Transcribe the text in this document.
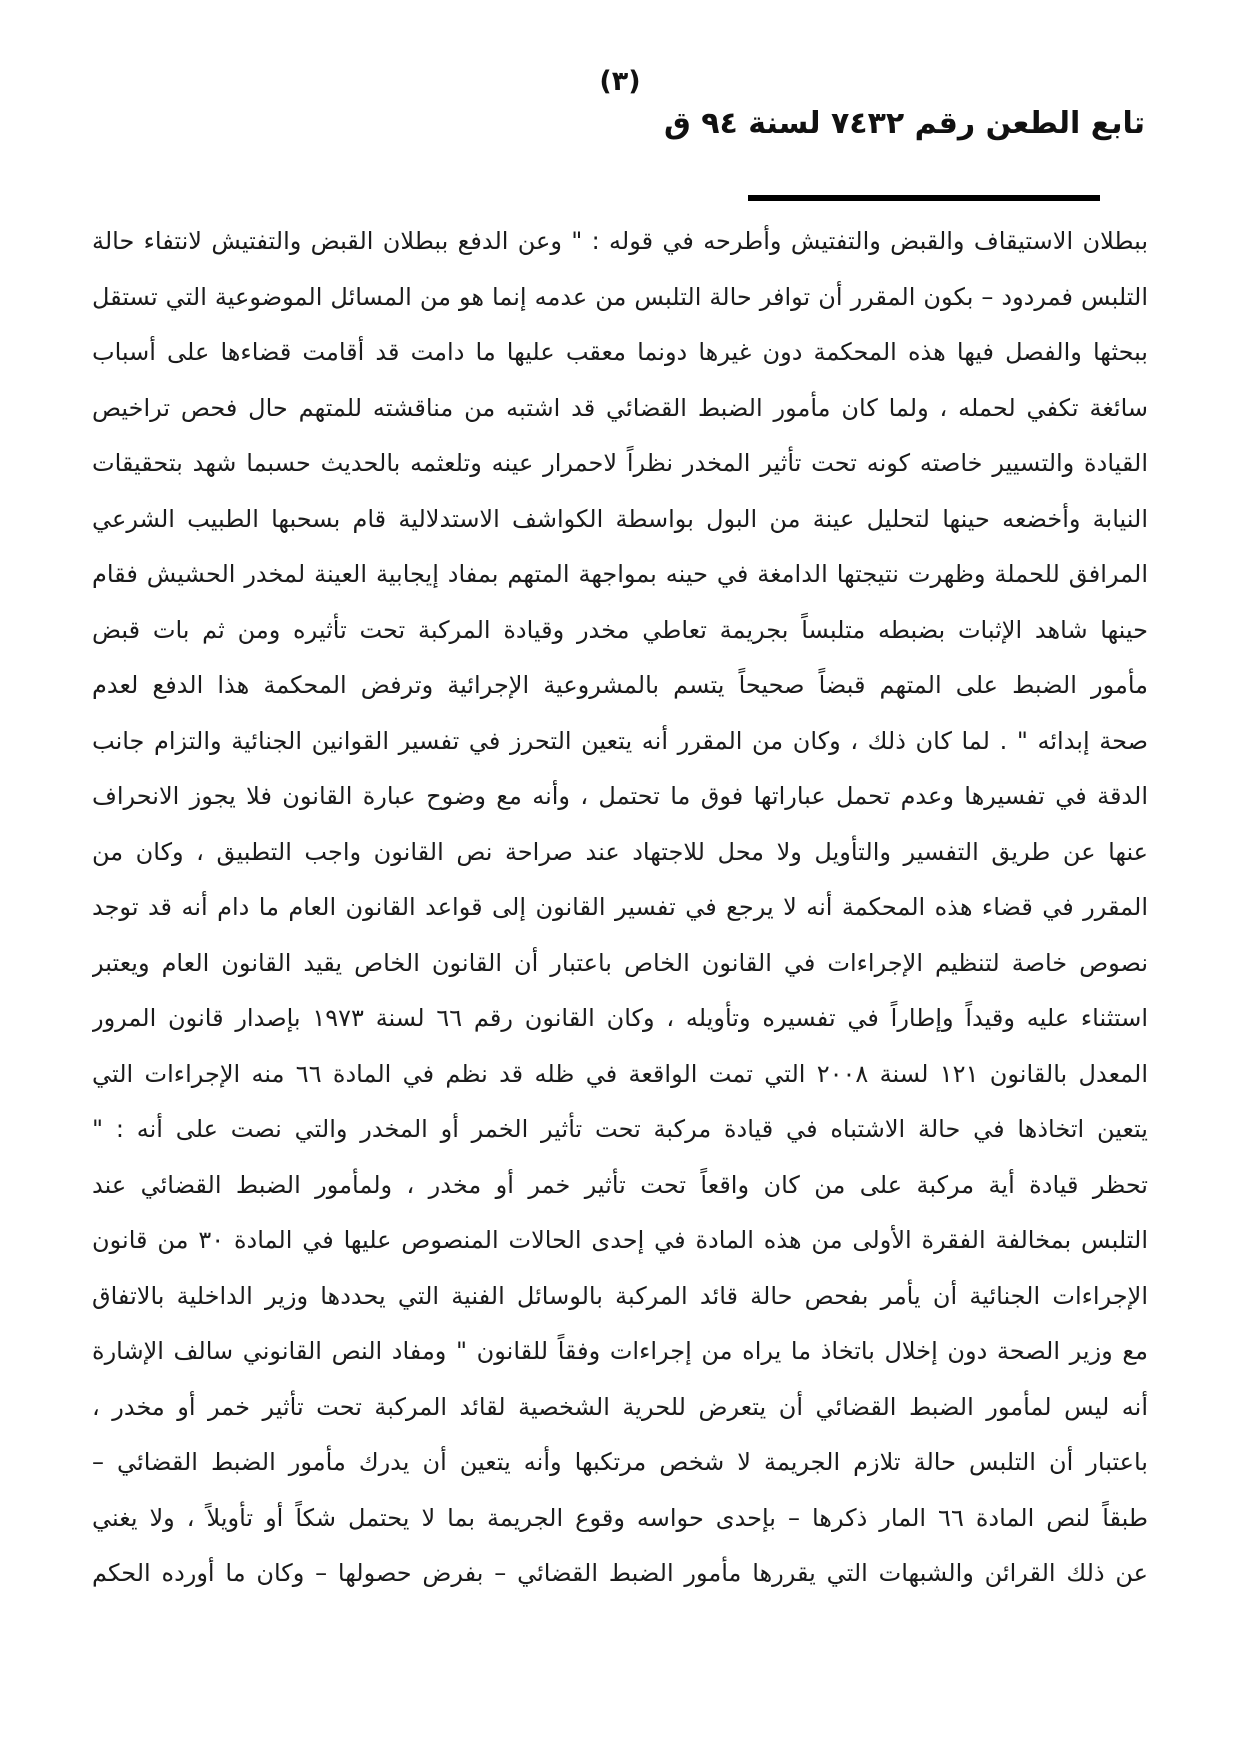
(٣)
تابع الطعن رقم ٧٤٣٢ لسنة ٩٤ ق
ببطلان الاستيقاف والقبض والتفتيش وأطرحه في قوله : " وعن الدفع ببطلان القبض والتفتيش لانتفاء حالة
التلبس فمردود – بكون المقرر أن توافر حالة التلبس من عدمه إنما هو من المسائل الموضوعية التي تستقل
ببحثها والفصل فيها هذه المحكمة دون غيرها دونما معقب عليها ما دامت قد أقامت قضاءها على أسباب
سائغة تكفي لحمله ، ولما كان مأمور الضبط القضائي قد اشتبه من مناقشته للمتهم حال فحص تراخيص
القيادة والتسيير خاصته كونه تحت تأثير المخدر نظراً لاحمرار عينه وتلعثمه بالحديث حسبما شهد بتحقيقات
النيابة وأخضعه حينها لتحليل عينة من البول بواسطة الكواشف الاستدلالية قام بسحبها الطبيب الشرعي
المرافق للحملة وظهرت نتيجتها الدامغة في حينه بمواجهة المتهم بمفاد إيجابية العينة لمخدر الحشيش فقام
حينها شاهد الإثبات بضبطه متلبساً بجريمة تعاطي مخدر وقيادة المركبة تحت تأثيره ومن ثم بات قبض
مأمور الضبط على المتهم قبضاً صحيحاً يتسم بالمشروعية الإجرائية وترفض المحكمة هذا الدفع لعدم
صحة إبدائه " . لما كان ذلك ، وكان من المقرر أنه يتعين التحرز في تفسير القوانين الجنائية والتزام جانب
الدقة في تفسيرها وعدم تحمل عباراتها فوق ما تحتمل ، وأنه مع وضوح عبارة القانون فلا يجوز الانحراف
عنها عن طريق التفسير والتأويل ولا محل للاجتهاد عند صراحة نص القانون واجب التطبيق ، وكان من
المقرر في قضاء هذه المحكمة أنه لا يرجع في تفسير القانون إلى قواعد القانون العام ما دام أنه قد توجد
نصوص خاصة لتنظيم الإجراءات في القانون الخاص باعتبار أن القانون الخاص يقيد القانون العام ويعتبر
استثناء عليه وقيداً وإطاراً في تفسيره وتأويله ، وكان القانون رقم ٦٦ لسنة ١٩٧٣ بإصدار قانون المرور
المعدل بالقانون ١٢١ لسنة ٢٠٠٨ التي تمت الواقعة في ظله قد نظم في المادة ٦٦ منه الإجراءات التي
يتعين اتخاذها في حالة الاشتباه في قيادة مركبة تحت تأثير الخمر أو المخدر والتي نصت على أنه : "
تحظر قيادة أية مركبة على من كان واقعاً تحت تأثير خمر أو مخدر ، ولمأمور الضبط القضائي عند
التلبس بمخالفة الفقرة الأولى من هذه المادة في إحدى الحالات المنصوص عليها في المادة ٣٠ من قانون
الإجراءات الجنائية أن يأمر بفحص حالة قائد المركبة بالوسائل الفنية التي يحددها وزير الداخلية بالاتفاق
مع وزير الصحة دون إخلال باتخاذ ما يراه من إجراءات وفقاً للقانون " ومفاد النص القانوني سالف الإشارة
أنه ليس لمأمور الضبط القضائي أن يتعرض للحرية الشخصية لقائد المركبة تحت تأثير خمر أو مخدر ،
باعتبار أن التلبس حالة تلازم الجريمة لا شخص مرتكبها وأنه يتعين أن يدرك مأمور الضبط القضائي –
طبقاً لنص المادة ٦٦ المار ذكرها – بإحدى حواسه وقوع الجريمة بما لا يحتمل شكاً أو تأويلاً ، ولا يغني
عن ذلك القرائن والشبهات التي يقررها مأمور الضبط القضائي – بفرض حصولها – وكان ما أورده الحكم
